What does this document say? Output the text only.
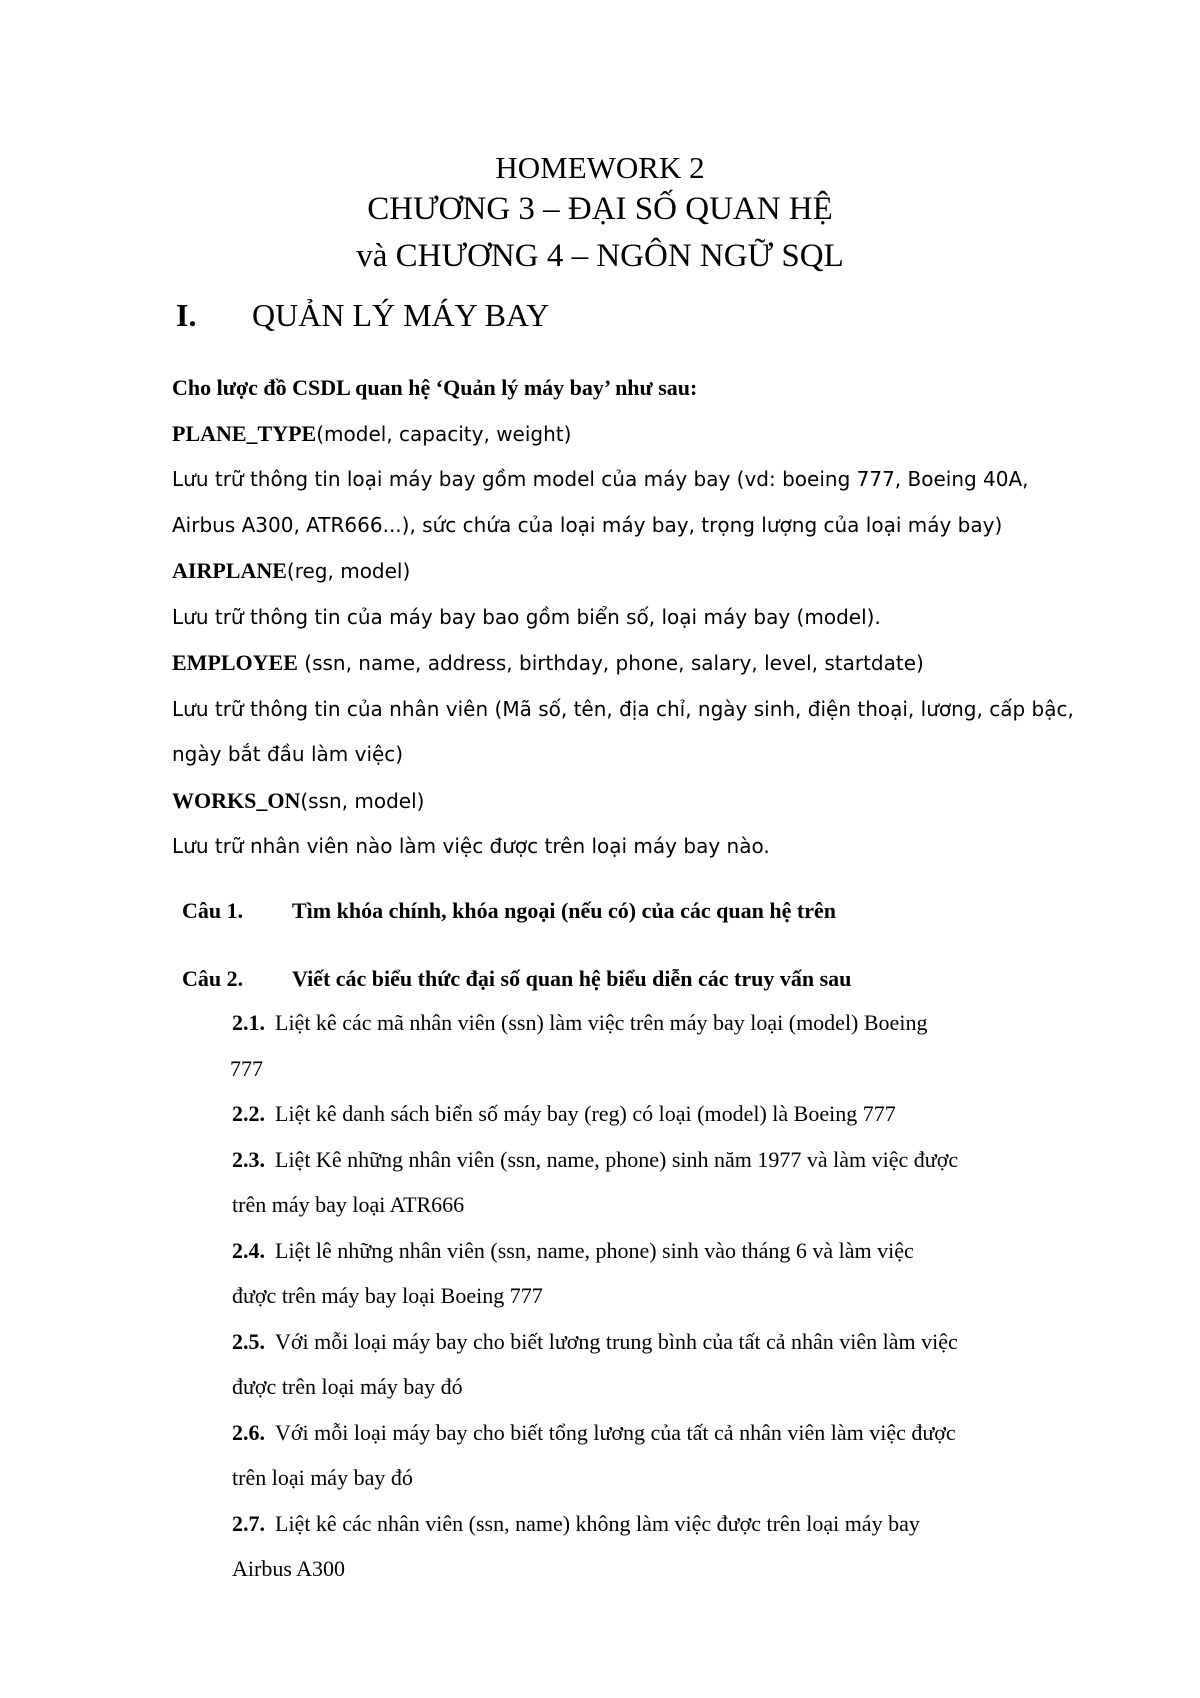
HOMEWORK 2

CHƯƠNG 3 – ĐẠI SỐ QUAN HỆ

và CHƯƠNG 4 – NGÔN NGỮ SQL

I. QUẢN LÝ MÁY BAY

Cho lược đồ CSDL quan hệ ‘Quản lý máy bay’ như sau:

PLANE_TYPE(model, capacity, weight)

Lưu trữ thông tin loại máy bay gồm model của máy bay (vd: boeing 777, Boeing 40A, Airbus A300, ATR666...), sức chứa của loại máy bay, trọng lượng của loại máy bay)

AIRPLANE(reg, model)

Lưu trữ thông tin của máy bay bao gồm biển số, loại máy bay (model).

EMPLOYEE (ssn, name, address, birthday, phone, salary, level, startdate)

Lưu trữ thông tin của nhân viên (Mã số, tên, địa chỉ, ngày sinh, điện thoại, lương, cấp bậc, ngày bắt đầu làm việc)

WORKS_ON(ssn, model)

Lưu trữ nhân viên nào làm việc được trên loại máy bay nào.

Câu 1. Tìm khóa chính, khóa ngoại (nếu có) của các quan hệ trên
Câu 2. Viết các biểu thức đại số quan hệ biểu diễn các truy vấn sau

2.1. Liệt kê các mã nhân viên (ssn) làm việc trên máy bay loại (model) Boeing
777

2.2. Liệt kê danh sách biển số máy bay (reg) có loại (model) là Boeing 777

2.3. Liệt Kê những nhân viên (ssn, name, phone) sinh năm 1977 và làm việc được
trên máy bay loại ATR666

2.4. Liệt lê những nhân viên (ssn, name, phone) sinh vào tháng 6 và làm việc
được trên máy bay loại Boeing 777

2.5. Với mỗi loại máy bay cho biết lương trung bình của tất cả nhân viên làm việc
được trên loại máy bay đó

2.6. Với mỗi loại máy bay cho biết tổng lương của tất cả nhân viên làm việc được
trên loại máy bay đó

2.7. Liệt kê các nhân viên (ssn, name) không làm việc được trên loại máy bay
Airbus A300
